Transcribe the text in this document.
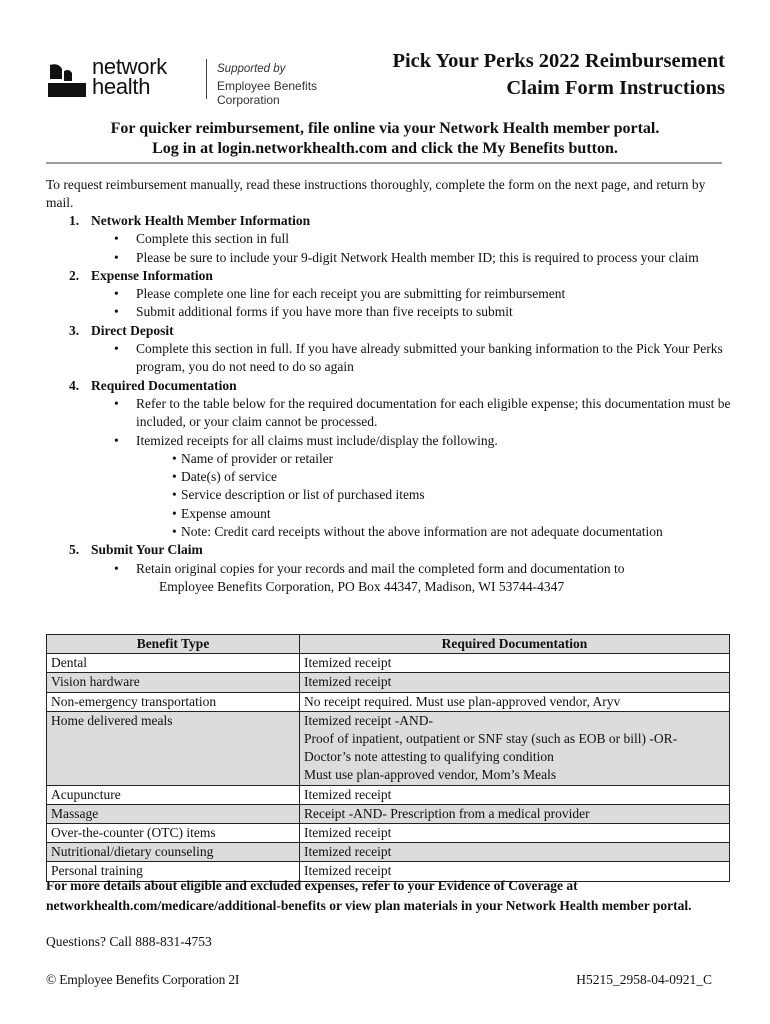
network
health
Supported by
Employee Benefits Corporation
Pick Your Perks 2022 Reimbursement
Claim Form Instructions
For quicker reimbursement, file online via your Network Health member portal.
Log in at login.networkhealth.com and click the My Benefits button.
To request reimbursement manually, read these instructions thoroughly, complete the form on the next page, and return by mail.
1. Network Health Member Information
• Complete this section in full
• Please be sure to include your 9-digit Network Health member ID; this is required to process your claim
2. Expense Information
• Please complete one line for each receipt you are submitting for reimbursement
• Submit additional forms if you have more than five receipts to submit
3. Direct Deposit
• Complete this section in full. If you have already submitted your banking information to the Pick Your Perks program, you do not need to do so again
4. Required Documentation
• Refer to the table below for the required documentation for each eligible expense; this documentation must be included, or your claim cannot be processed.
• Itemized receipts for all claims must include/display the following.
• Name of provider or retailer
• Date(s) of service
• Service description or list of purchased items
• Expense amount
• Note: Credit card receipts without the above information are not adequate documentation
5. Submit Your Claim
• Retain original copies for your records and mail the completed form and documentation to
Employee Benefits Corporation, PO Box 44347, Madison, WI 53744-4347
Benefit Type	Required Documentation
Dental	Itemized receipt
Vision hardware	Itemized receipt
Non-emergency transportation	No receipt required. Must use plan-approved vendor, Aryv
Home delivered meals	Itemized receipt -AND-
Proof of inpatient, outpatient or SNF stay (such as EOB or bill) -OR-
Doctor’s note attesting to qualifying condition
Must use plan-approved vendor, Mom’s Meals

Acupuncture	Itemized receipt
Massage	Receipt -AND- Prescription from a medical provider
Over-the-counter (OTC) items	Itemized receipt
Nutritional/dietary counseling	Itemized receipt
Personal training	Itemized receipt
For more details about eligible and excluded expenses, refer to your Evidence of Coverage at networkhealth.com/medicare/additional-benefits or view plan materials in your Network Health member portal.
Questions? Call 888-831-4753
© Employee Benefits Corporation 2I	H5215_2958-04-0921_C
